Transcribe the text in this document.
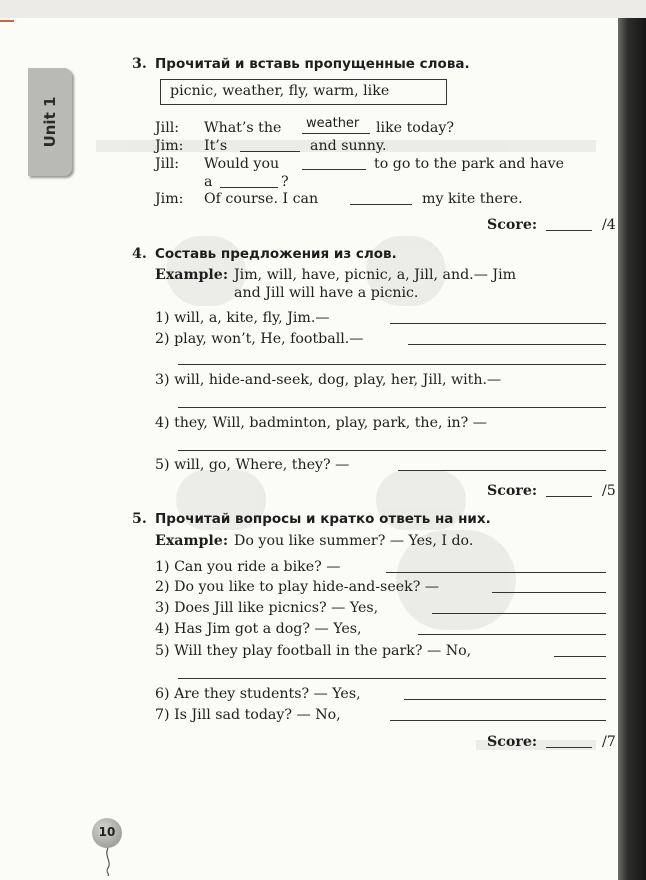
Unit 1
3. Прочитай и вставь пропущенные слова.
picnic, weather, fly, warm, like
Jill: What’s the weather like today?
Jim: It’s	and sunny.
Jill: Would you	to go to the park and have
a	?
Jim: Of course. I can	my kite there.
Score:	/4
4. Составь предложения из слов.
Example: Jim, will, have, picnic, a, Jill, and.— Jim
and Jill will have a picnic.
1) will, a, kite, fly, Jim.—
2) play, won’t, He, football.—
3) will, hide-and-seek, dog, play, her, Jill, with.—
4) they, Will, badminton, play, park, the, in? —
5) will, go, Where, they? —
Score:	/5
5. Прочитай вопросы и кратко ответь на них.
Example: Do you like summer? — Yes, I do.
1) Can you ride a bike? —
2) Do you like to play hide-and-seek? —
3) Does Jill like picnics? — Yes,
4) Has Jim got a dog? — Yes,
5) Will they play football in the park? — No,
6) Are they students? — Yes,
7) Is Jill sad today? — No,
Score:	/7
10
